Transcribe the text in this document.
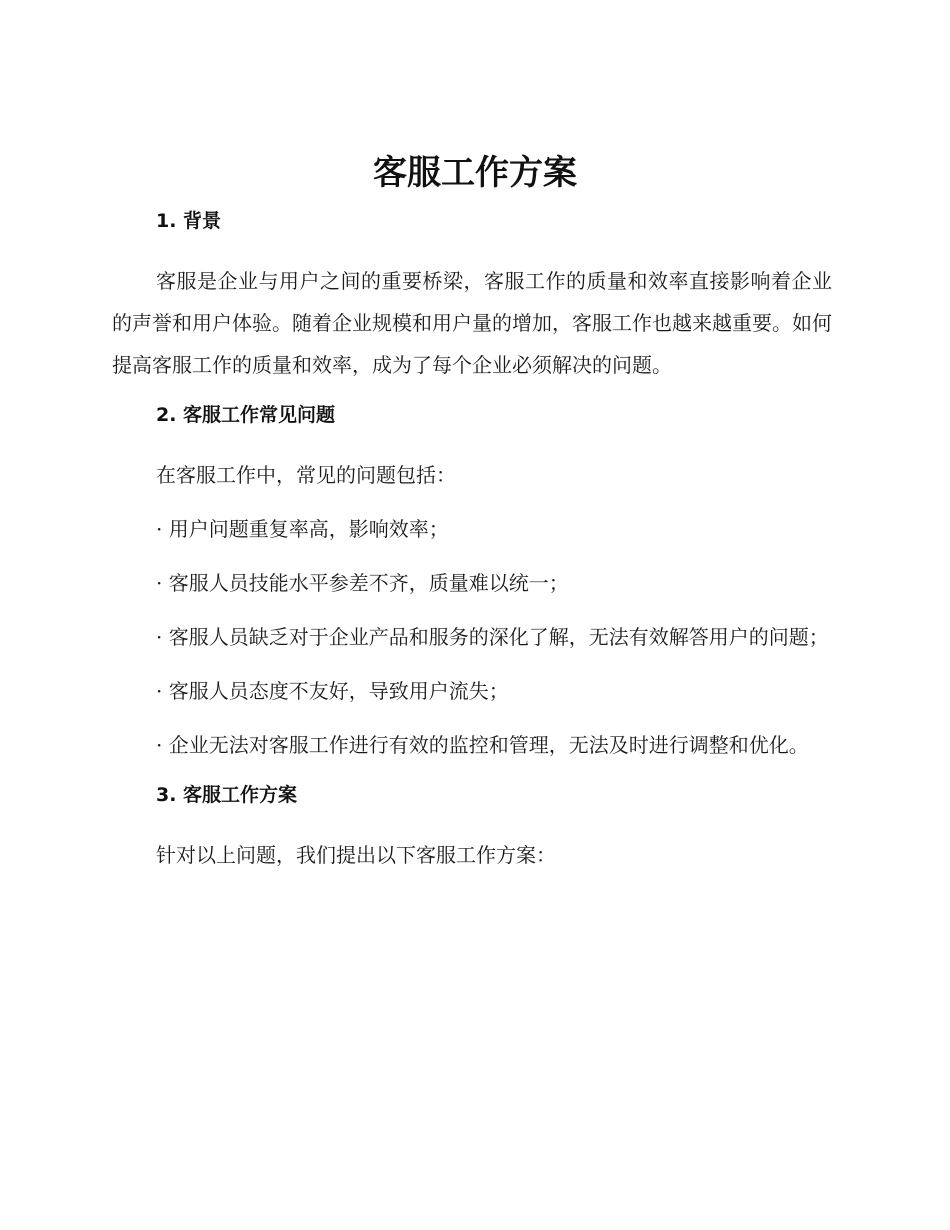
客服工作方案
1. 背景

客服是企业与用户之间的重要桥梁，客服工作的质量和效率直接影响着企业的声誉和用户体验。随着企业规模和用户量的增加，客服工作也越来越重要。如何提高客服工作的质量和效率，成为了每个企业必须解决的问题。

2. 客服工作常见问题

在客服工作中，常见的问题包括：

· 用户问题重复率高，影响效率；

· 客服人员技能水平参差不齐，质量难以统一；

· 客服人员缺乏对于企业产品和服务的深化了解，无法有效解答用户的问题；

· 客服人员态度不友好，导致用户流失；

· 企业无法对客服工作进行有效的监控和管理，无法及时进行调整和优化。

3. 客服工作方案

针对以上问题，我们提出以下客服工作方案：
